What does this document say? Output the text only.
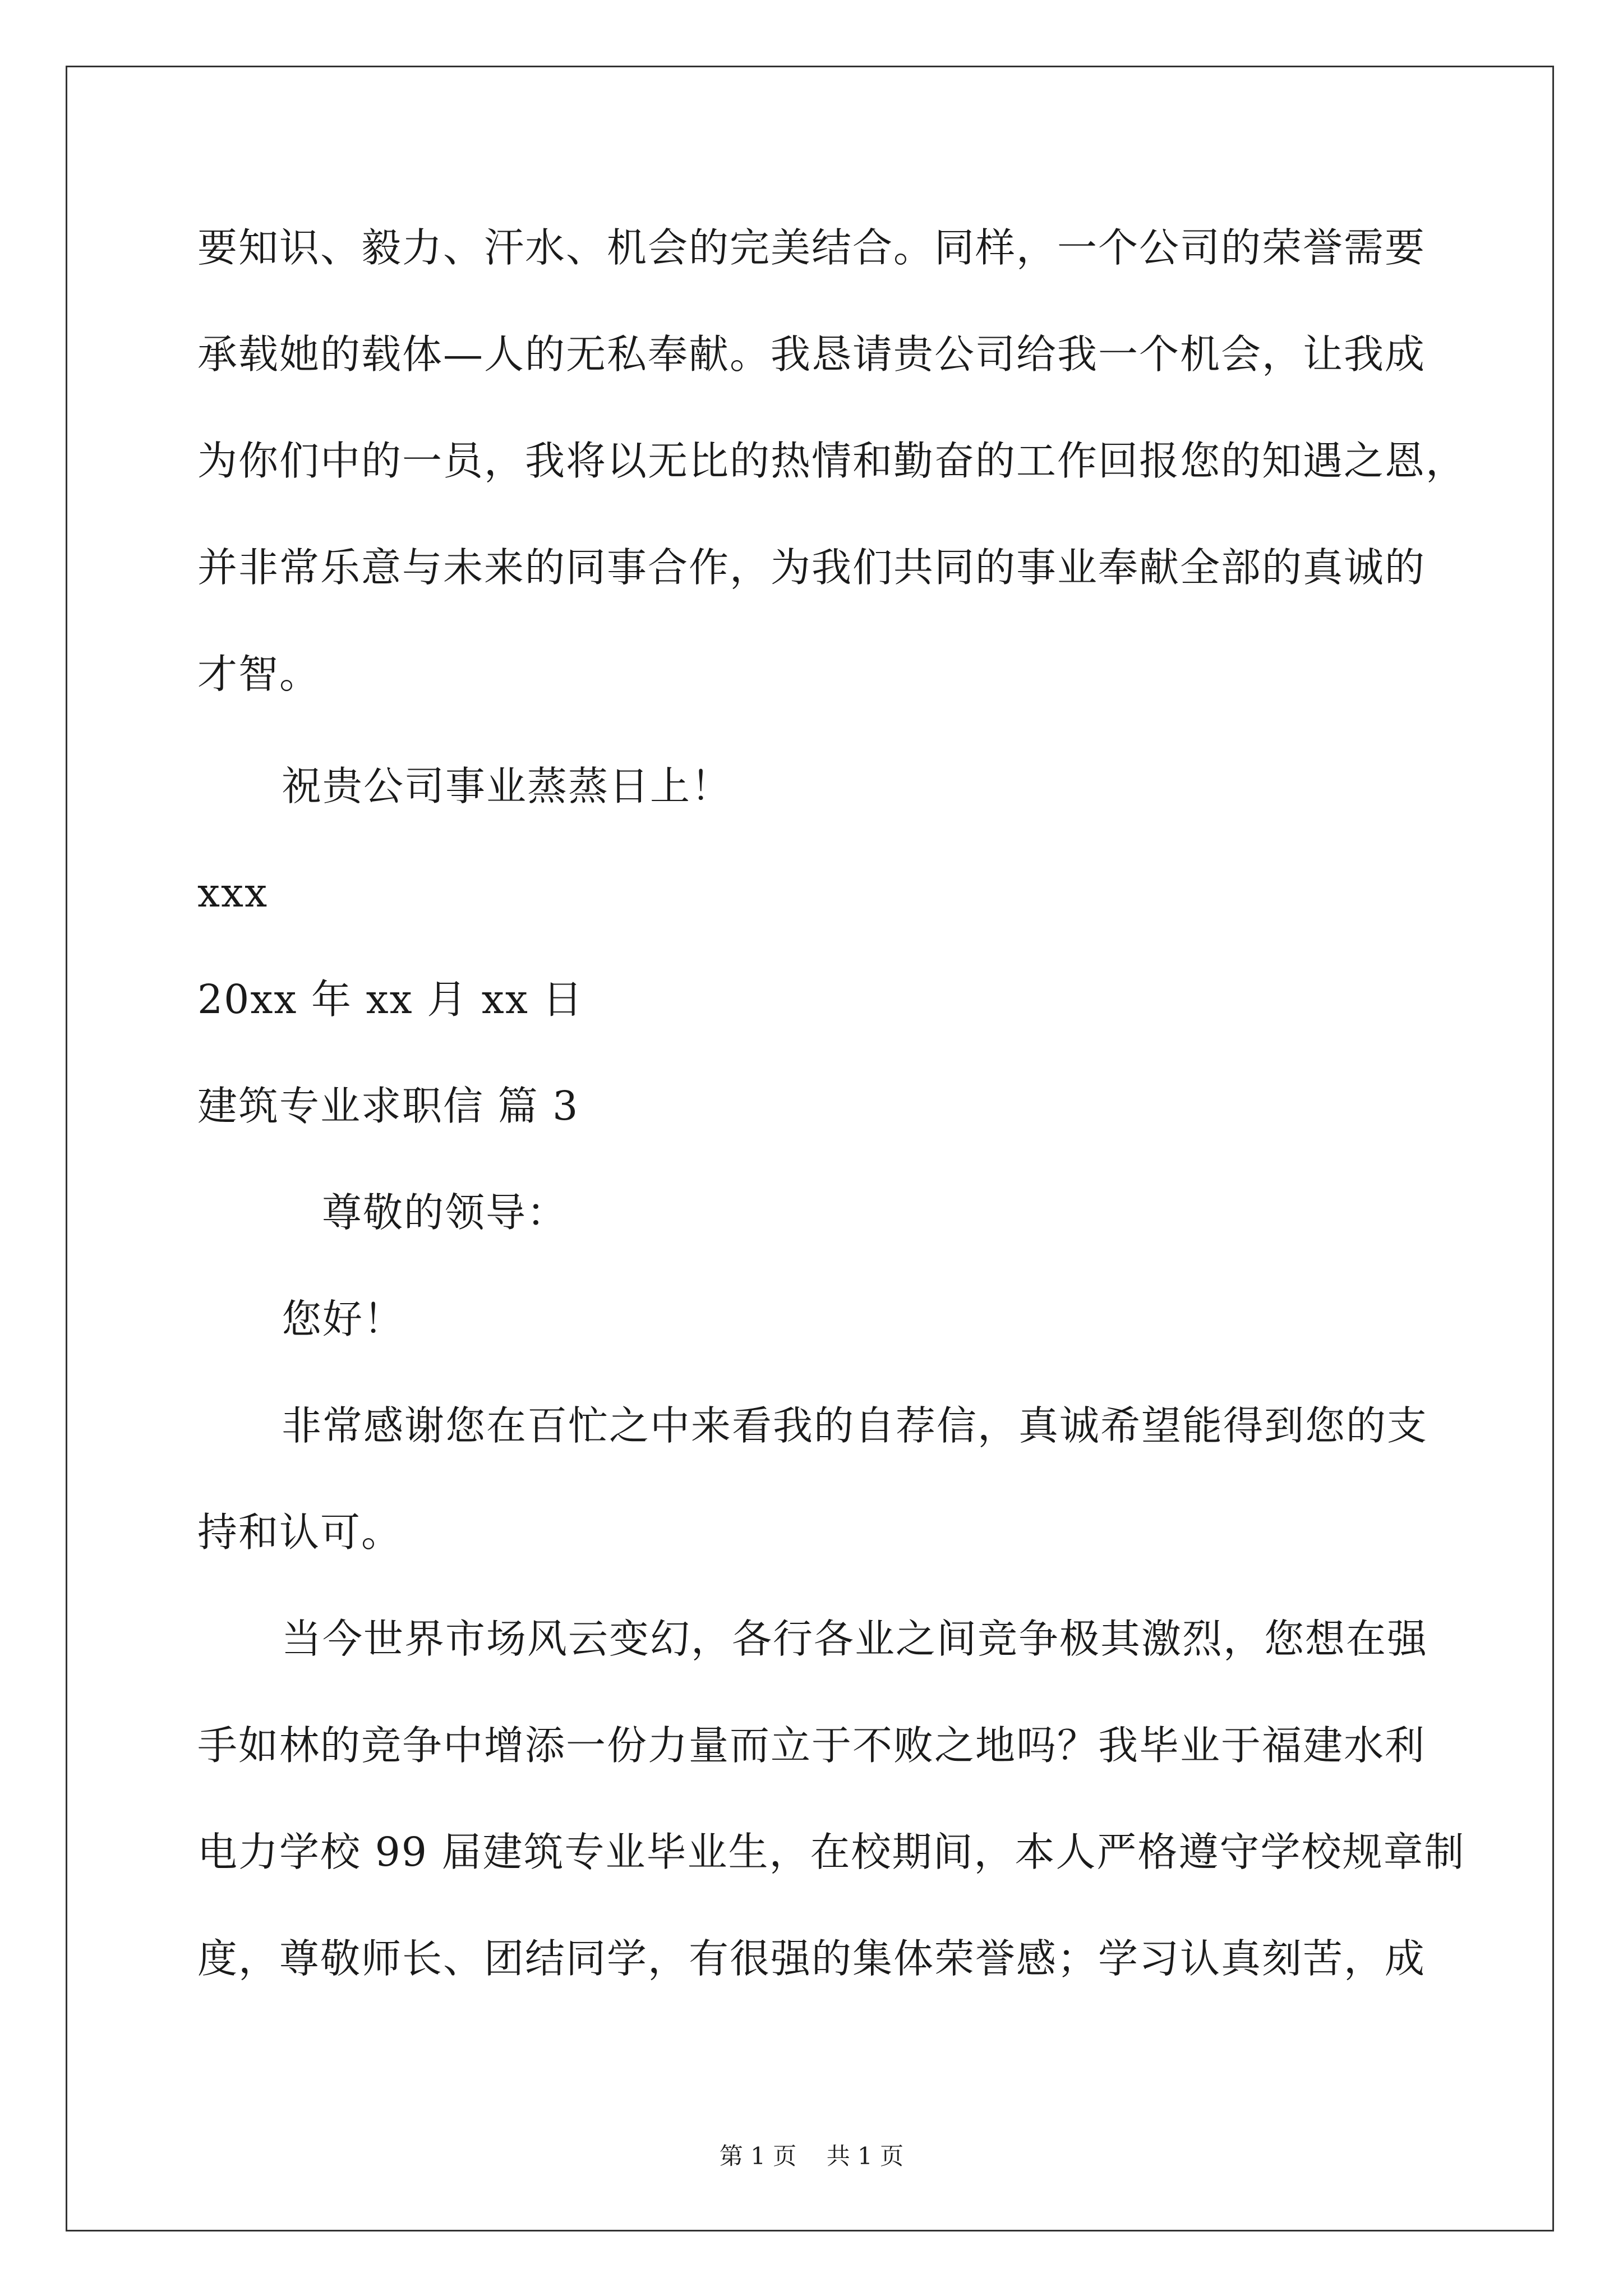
要知识、毅力、汗水、机会的完美结合。同样，一个公司的荣誉需要
承载她的载体—人的无私奉献。我恳请贵公司给我一个机会，让我成
为你们中的一员，我将以无比的热情和勤奋的工作回报您的知遇之恩，
并非常乐意与未来的同事合作，为我们共同的事业奉献全部的真诚的
才智。
祝贵公司事业蒸蒸日上！
xxx
20xx 年 xx 月 xx 日
建筑专业求职信 篇 3
尊敬的领导：
您好！
非常感谢您在百忙之中来看我的自荐信，真诚希望能得到您的支
持和认可。
当今世界市场风云变幻，各行各业之间竞争极其激烈，您想在强
手如林的竞争中增添一份力量而立于不败之地吗？我毕业于福建水利
电力学校 99 届建筑专业毕业生，在校期间，本人严格遵守学校规章制
度，尊敬师长、团结同学，有很强的集体荣誉感；学习认真刻苦，成
第 1 页    共 1 页
